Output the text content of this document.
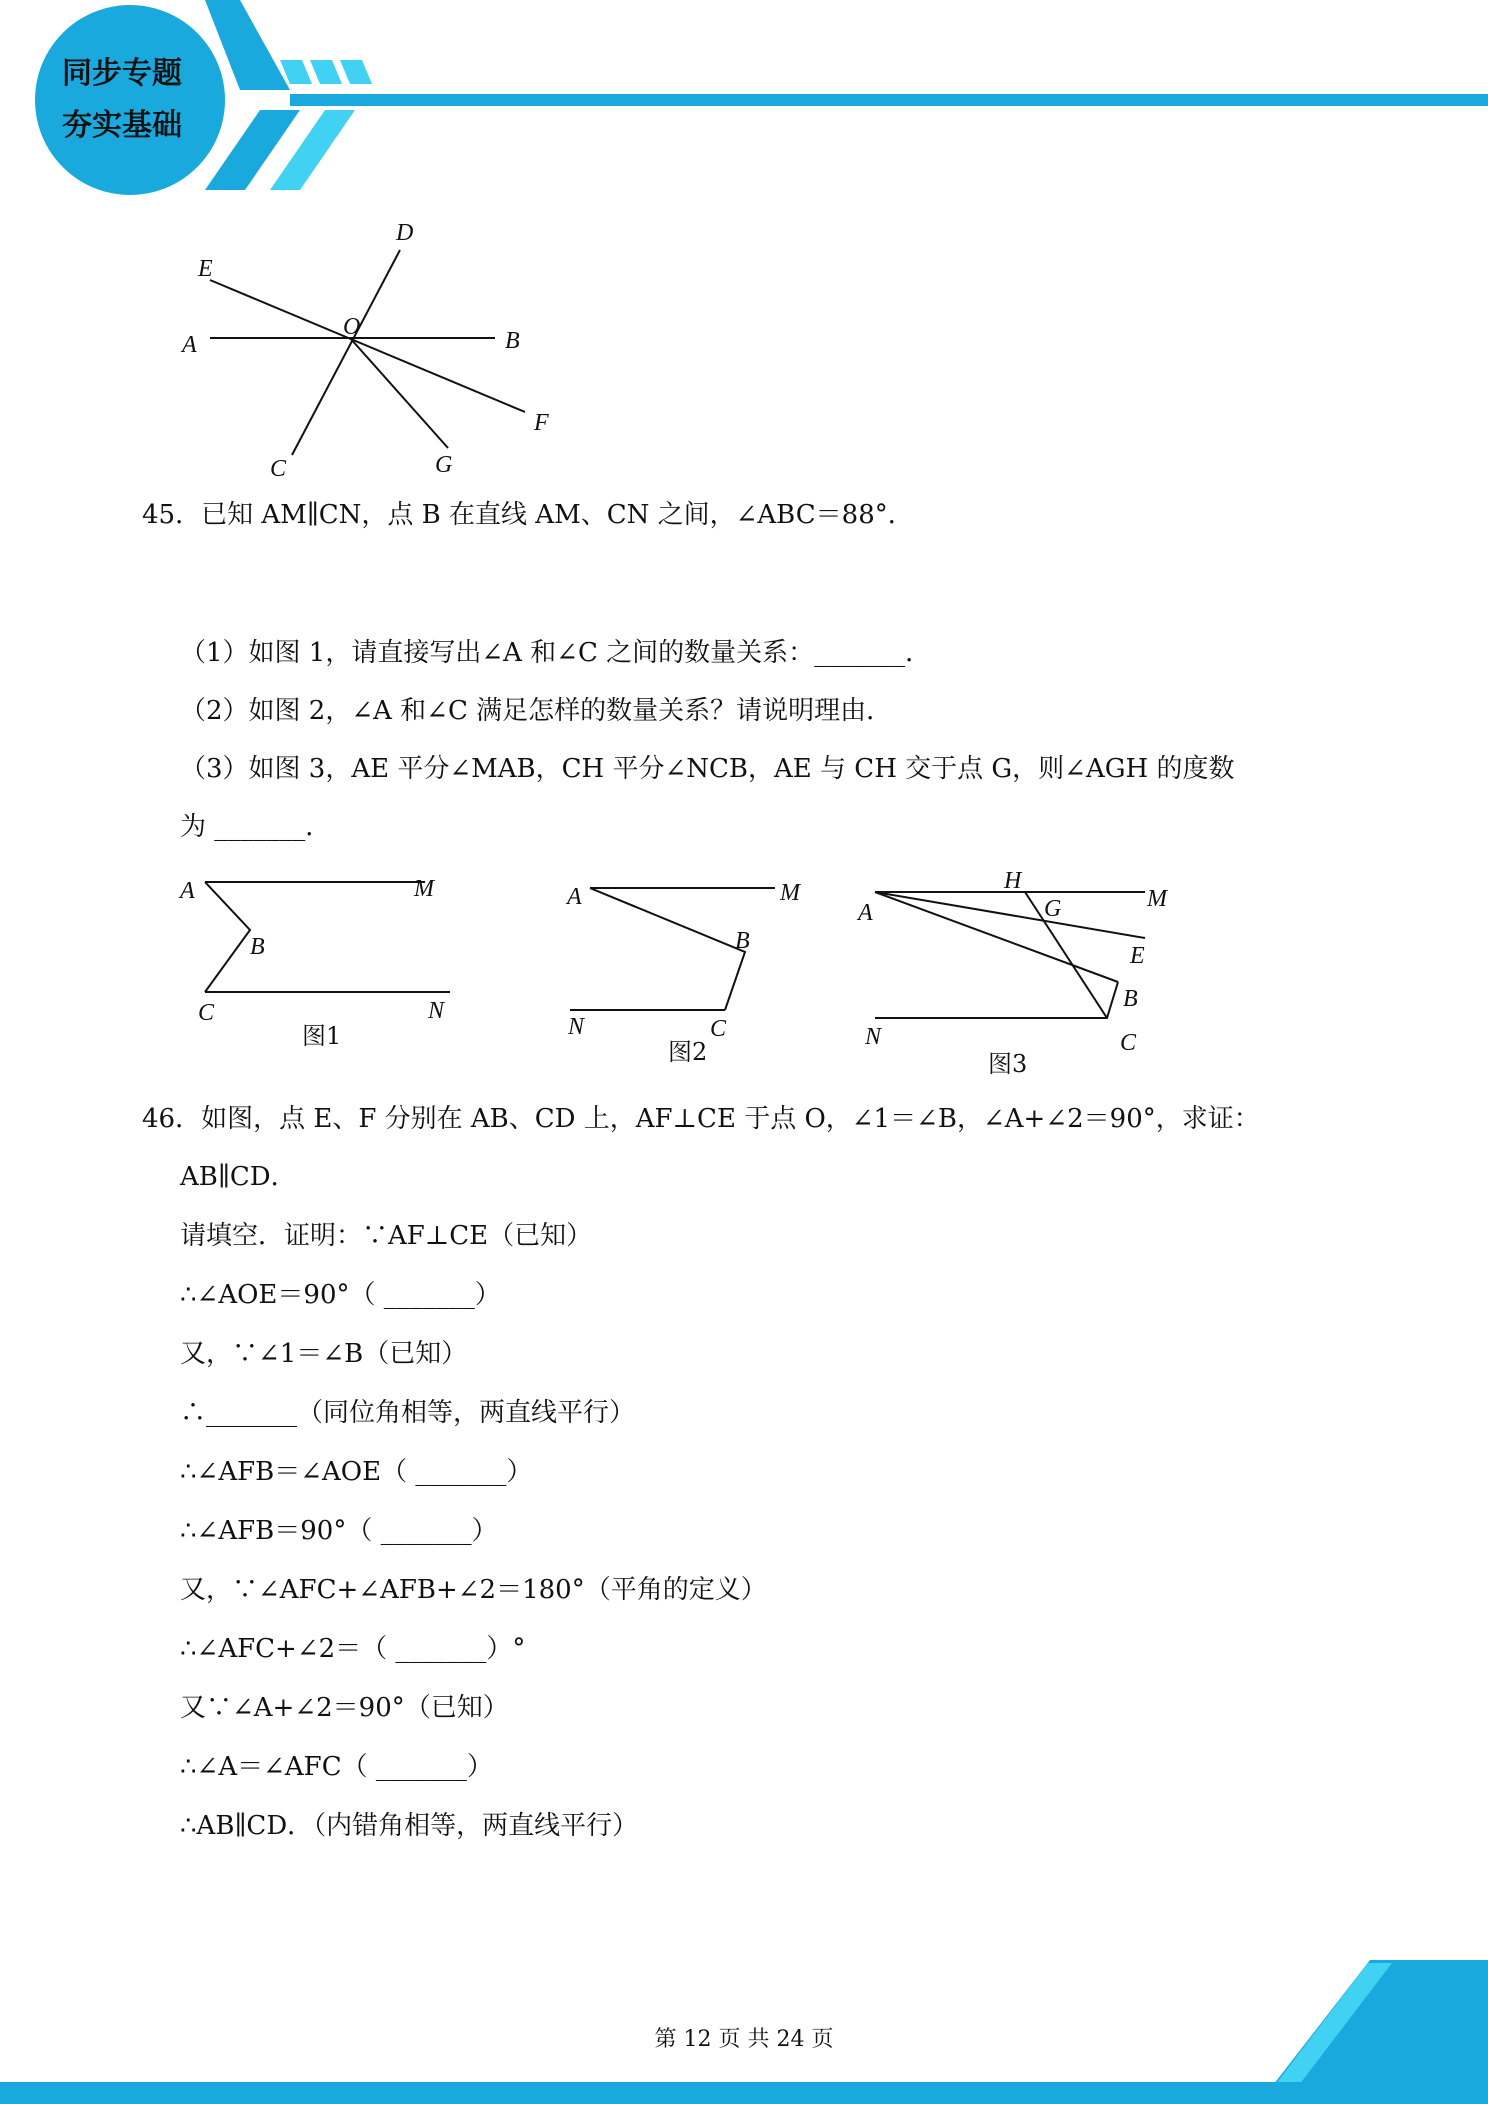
同步专题
夯实基础
D
E
O
A	B
F
C	G
45．已知 AM∥CN，点 B 在直线 AM、CN 之间，∠ABC＝88°．
（1）如图 1，请直接写出∠A 和∠C 之间的数量关系：_______．
（2）如图 2，∠A 和∠C 满足怎样的数量关系？请说明理由．
（3）如图 3，AE 平分∠MAB，CH 平分∠NCB，AE 与 CH 交于点 G，则∠AGH 的度数
为 _______．
A	M
B
C	N
图1
A	M
B
N	C
图2
H
G	M
A
E
B
N	C
图3
46．如图，点 E、F 分别在 AB、CD 上，AF⊥CE 于点 O，∠1＝∠B，∠A+∠2＝90°，求证：
AB∥CD．
请填空．证明：∵AF⊥CE（已知）
∴∠AOE＝90°（ _______）
又，∵∠1＝∠B（已知）
∴_______（同位角相等，两直线平行）
∴∠AFB＝∠AOE（ _______）
∴∠AFB＝90°（ _______）
又，∵∠AFC+∠AFB+∠2＝180°（平角的定义）
∴∠AFC+∠2＝（ _______）°
又∵∠A+∠2＝90°（已知）
∴∠A＝∠AFC（ _______）
∴AB∥CD．（内错角相等，两直线平行）
第 12 页 共 24 页
